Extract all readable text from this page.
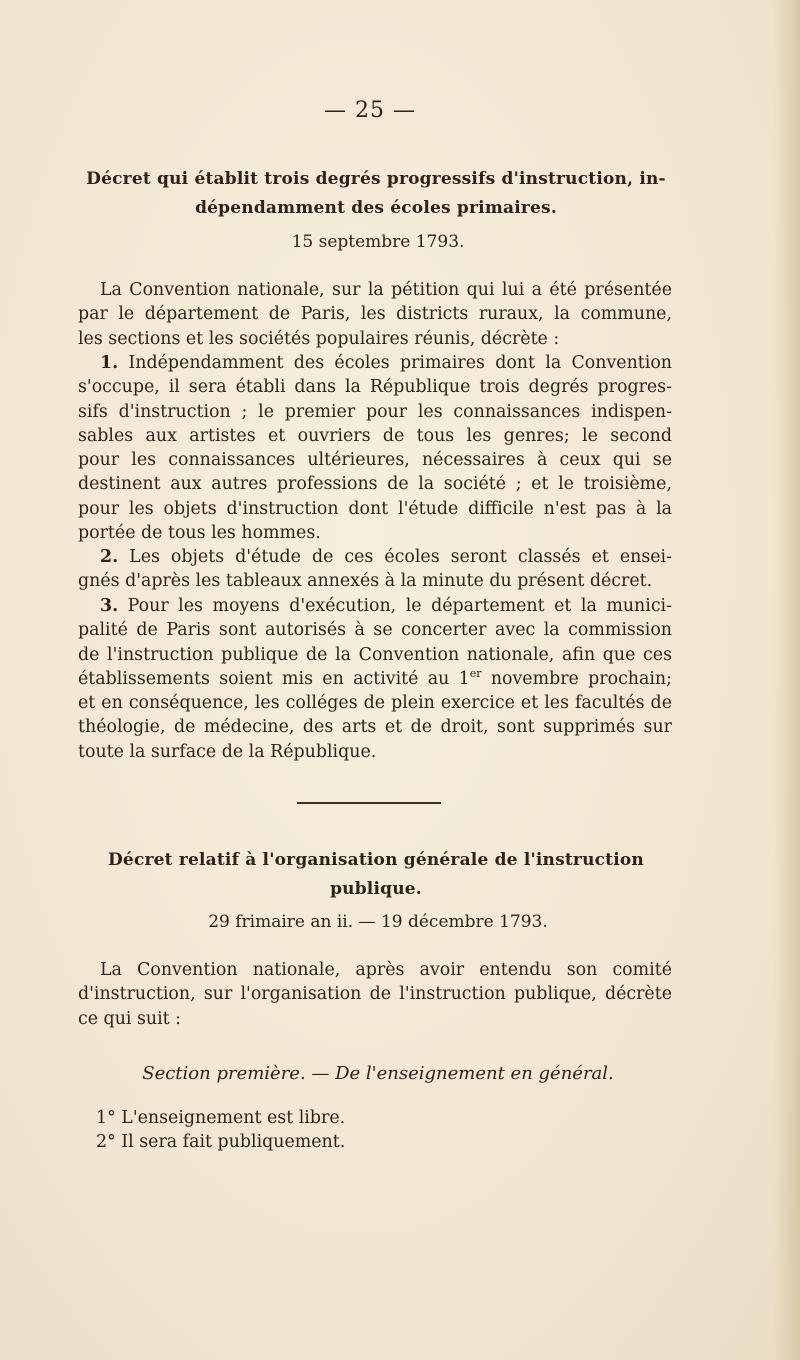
— 25 —
Décret qui établit trois degrés progressifs d'instruction, in-
dépendamment des écoles primaires.
15 septembre 1793.

La Convention nationale, sur la pétition qui lui a été présentée
par le département de Paris, les districts ruraux, la commune,
les sections et les sociétés populaires réunis, décrète :

1. Indépendamment des écoles primaires dont la Convention
s'occupe, il sera établi dans la République trois degrés progres-
sifs d'instruction ; le premier pour les connaissances indispen-
sables aux artistes et ouvriers de tous les genres; le second
pour les connaissances ultérieures, nécessaires à ceux qui se
destinent aux autres professions de la société ; et le troisième,
pour les objets d'instruction dont l'étude difficile n'est pas à la
portée de tous les hommes.

2. Les objets d'étude de ces écoles seront classés et ensei-
gnés d'après les tableaux annexés à la minute du présent décret.

3. Pour les moyens d'exécution, le département et la munici-
palité de Paris sont autorisés à se concerter avec la commission
de l'instruction publique de la Convention nationale, afin que ces
établissements soient mis en activité au 1er novembre prochain;
et en conséquence, les colléges de plein exercice et les facultés de
théologie, de médecine, des arts et de droit, sont supprimés sur
toute la surface de la République.

Décret relatif à l'organisation générale de l'instruction
publique.
29 frimaire an ii. — 19 décembre 1793.

La Convention nationale, après avoir entendu son comité
d'instruction, sur l'organisation de l'instruction publique, décrète
ce qui suit :

Section première. — De l'enseignement en général.
1° L'enseignement est libre.
2° Il sera fait publiquement.
